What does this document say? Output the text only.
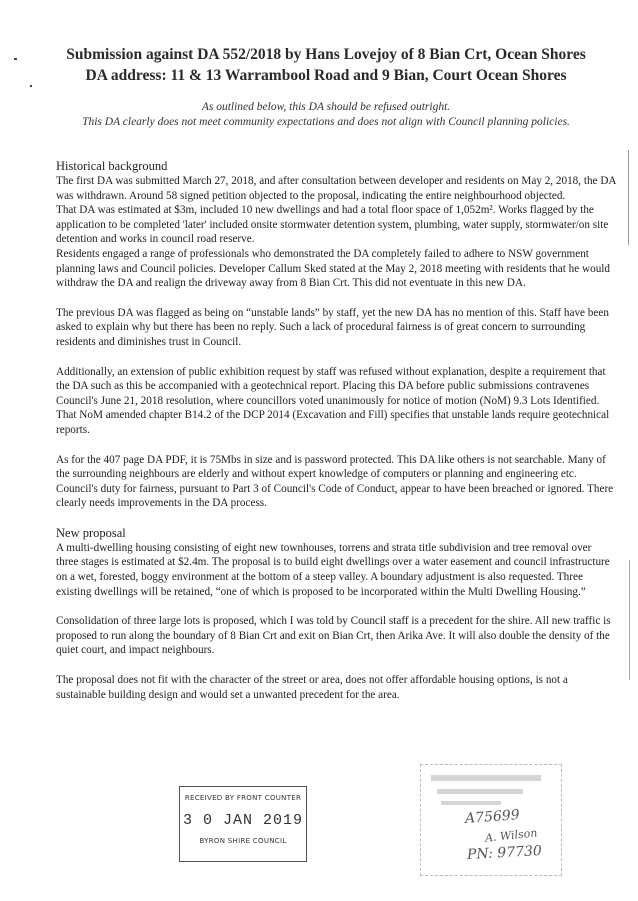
Submission against DA 552/2018 by Hans Lovejoy of 8 Bian Crt, Ocean Shores
DA address: 11 & 13 Warrambool Road and 9 Bian, Court Ocean Shores
As outlined below, this DA should be refused outright.
This DA clearly does not meet community expectations and does not align with Council planning policies.
Historical background

The first DA was submitted March 27, 2018, and after consultation between developer and residents on May 2, 2018, the DA was withdrawn. Around 58 signed petition objected to the proposal, indicating the entire neighbourhood objected.

That DA was estimated at $3m, included 10 new dwellings and had a total floor space of 1,052m². Works flagged by the application to be completed 'later' included onsite stormwater detention system, plumbing, water supply, stormwater/on site detention and works in council road reserve.

Residents engaged a range of professionals who demonstrated the DA completely failed to adhere to NSW government planning laws and Council policies. Developer Callum Sked stated at the May 2, 2018 meeting with residents that he would withdraw the DA and realign the driveway away from 8 Bian Crt. This did not eventuate in this new DA.

The previous DA was flagged as being on “unstable lands” by staff, yet the new DA has no mention of this. Staff have been asked to explain why but there has been no reply. Such a lack of procedural fairness is of great concern to surrounding residents and diminishes trust in Council.

Additionally, an extension of public exhibition request by staff was refused without explanation, despite a requirement that the DA such as this be accompanied with a geotechnical report. Placing this DA before public submissions contravenes Council's June 21, 2018 resolution, where councillors voted unanimously for notice of motion (NoM) 9.3 Lots Identified. That NoM amended chapter B14.2 of the DCP 2014 (Excavation and Fill) specifies that unstable lands require geotechnical reports.

As for the 407 page DA PDF, it is 75Mbs in size and is password protected. This DA like others is not searchable. Many of the surrounding neighbours are elderly and without expert knowledge of computers or planning and engineering etc. Council's duty for fairness, pursuant to Part 3 of Council's Code of Conduct, appear to have been breached or ignored. There clearly needs improvements in the DA process.

New proposal

A multi-dwelling housing consisting of eight new townhouses, torrens and strata title subdivision and tree removal over three stages is estimated at $2.4m. The proposal is to build eight dwellings over a water easement and council infrastructure on a wet, forested, boggy environment at the bottom of a steep valley. A boundary adjustment is also requested. Three existing dwellings will be retained, “one of which is proposed to be incorporated within the Multi Dwelling Housing.”

Consolidation of three large lots is proposed, which I was told by Council staff is a precedent for the shire. All new traffic is proposed to run along the boundary of 8 Bian Crt and exit on Bian Crt, then Arika Ave. It will also double the density of the quiet court, and impact neighbours.

The proposal does not fit with the character of the street or area, does not offer affordable housing options, is not a sustainable building design and would set a unwanted precedent for the area.

RECEIVED BY FRONT COUNTER
3 0 JAN 2019
BYRON SHIRE COUNCIL
A75699
A. Wilson
PN: 97730
